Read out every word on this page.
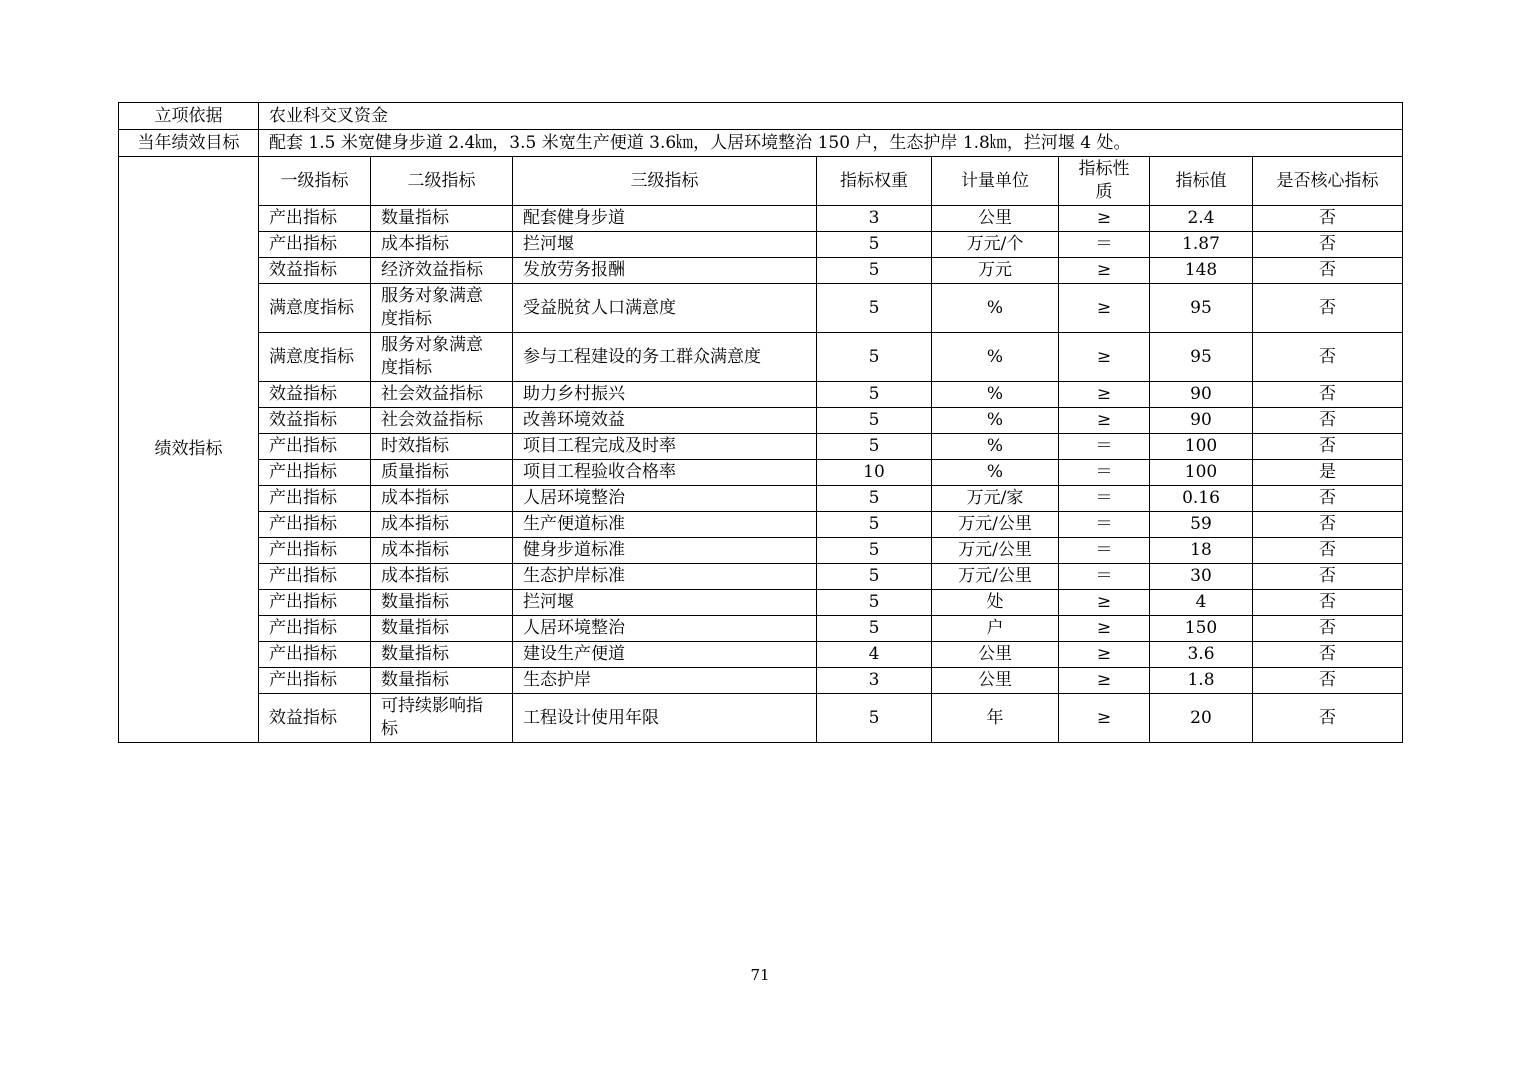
立项依据	农业科交叉资金							
当年绩效目标	配套 1.5 米宽健身步道 2.4㎞，3.5 米宽生产便道 3.6㎞，人居环境整治 150 户，生态护岸 1.8㎞，拦河堰 4 处。							
绩效指标	一级指标	二级指标	三级指标	指标权重	计量单位	指标性质	指标值	是否核心指标
	产出指标	数量指标	配套健身步道	3	公里	≥	2.4	否
	产出指标	成本指标	拦河堰	5	万元/个	＝	1.87	否
	效益指标	经济效益指标	发放劳务报酬	5	万元	≥	148	否
	满意度指标	服务对象满意度指标	受益脱贫人口满意度	5	%	≥	95	否
	满意度指标	服务对象满意度指标	参与工程建设的务工群众满意度	5	%	≥	95	否
	效益指标	社会效益指标	助力乡村振兴	5	%	≥	90	否
	效益指标	社会效益指标	改善环境效益	5	%	≥	90	否
	产出指标	时效指标	项目工程完成及时率	5	%	＝	100	否
	产出指标	质量指标	项目工程验收合格率	10	%	＝	100	是
	产出指标	成本指标	人居环境整治	5	万元/家	＝	0.16	否
	产出指标	成本指标	生产便道标准	5	万元/公里	＝	59	否
	产出指标	成本指标	健身步道标准	5	万元/公里	＝	18	否
	产出指标	成本指标	生态护岸标准	5	万元/公里	＝	30	否
	产出指标	数量指标	拦河堰	5	处	≥	4	否
	产出指标	数量指标	人居环境整治	5	户	≥	150	否
	产出指标	数量指标	建设生产便道	4	公里	≥	3.6	否
	产出指标	数量指标	生态护岸	3	公里	≥	1.8	否
	效益指标	可持续影响指标	工程设计使用年限	5	年	≥	20	否
71
